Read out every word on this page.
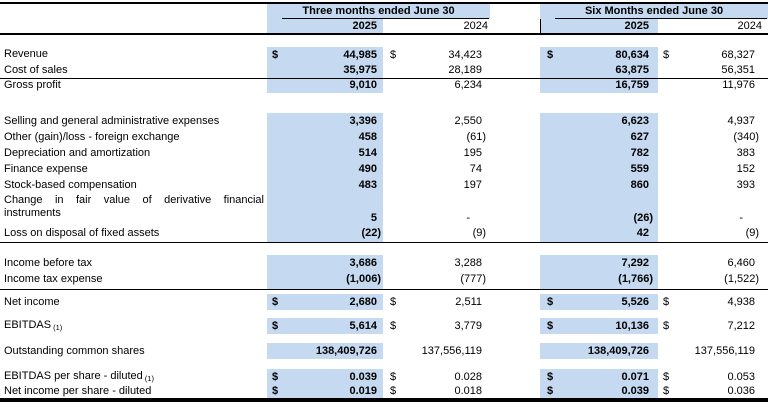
	Three months ended June 30			Six Months ended June 30	

	2025	2024		2025	2024

Revenue	$ 44,985	$ 34,423		$ 80,634	$ 68,327
Cost of sales	35,975	28,189		63,875	56,351
Gross profit	9,010	6,234		16,759	11,976

Selling and general administrative expenses	3,396	2,550		6,623	4,937
Other (gain)/loss - foreign exchange	458	(61)		627	(340)
Depreciation and amortization	514	195		782	383
Finance expense	490	74		559	152
Stock-based compensation	483	197		860	393
Change in fair value of derivative financial instruments	5	-		(26)	-
Loss on disposal of fixed assets	(22)	(9)		42	(9)

Income before tax	3,686	3,288		7,292	6,460
Income tax expense	(1,006)	(777)		(1,766)	(1,522)

Net income	$ 2,680	$ 2,511		$ 5,526	$ 4,938

EBITDAS $_{(1)}$	$ 5,614	$ 3,779		$ 10,136	$ 7,212

Outstanding common shares	138,409,726	137,556,119		138,409,726	137,556,119

EBITDAS per share - diluted $_{(1)}$	$ 0.039	$ 0.028		$ 0.071	$ 0.053
Net income per share - diluted	$ 0.019	$ 0.018		$ 0.039	$ 0.036
